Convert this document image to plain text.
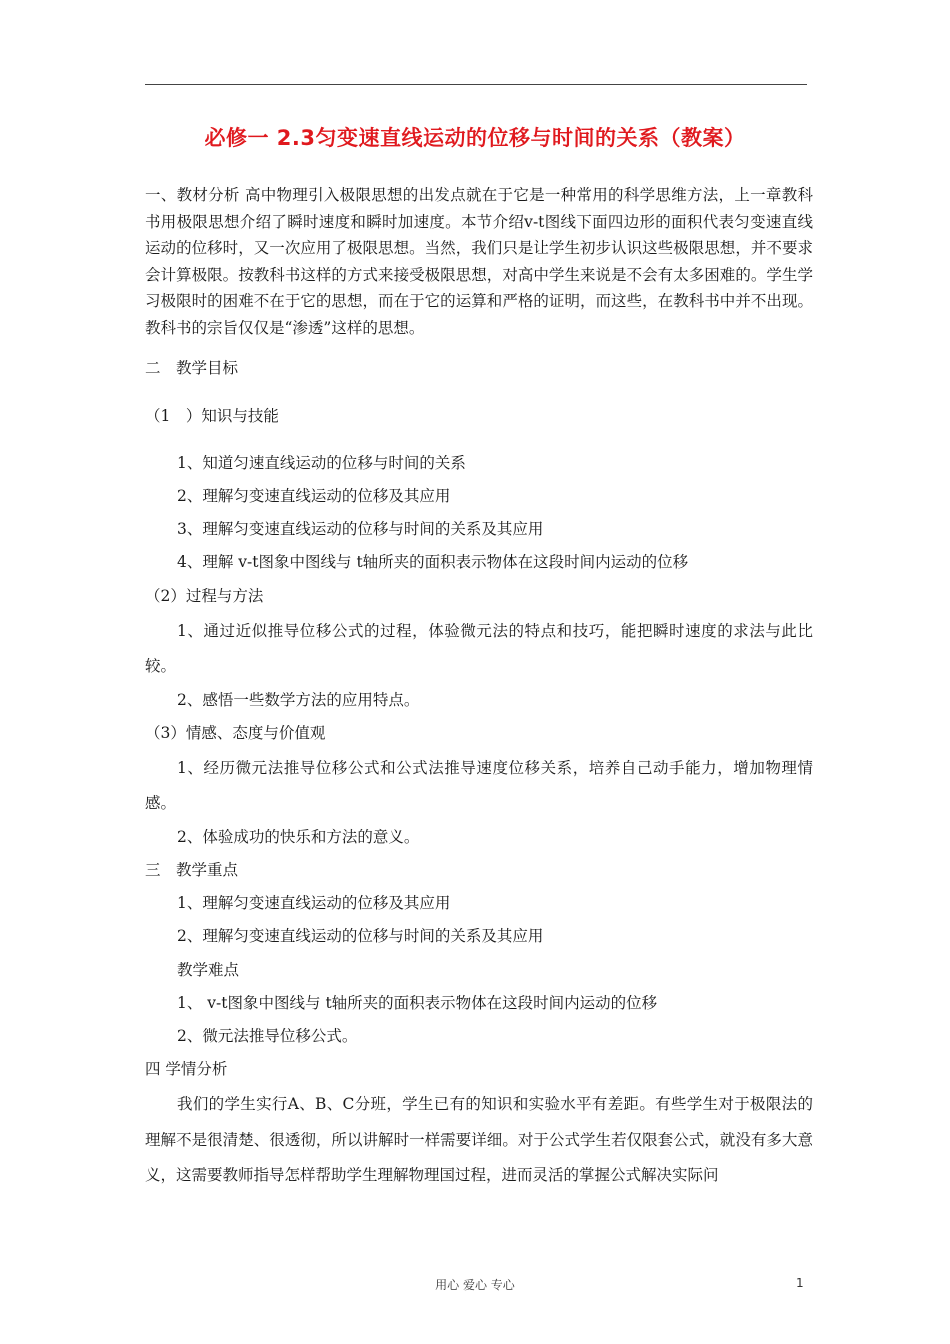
必修一 2.3匀变速直线运动的位移与时间的关系（教案）
一、教材分析 高中物理引入极限思想的出发点就在于它是一种常用的科学思维方法，上一章教科书用极限思想介绍了瞬时速度和瞬时加速度。本节介绍v-t图线下面四边形的面积代表匀变速直线运动的位移时，又一次应用了极限思想。当然，我们只是让学生初步认识这些极限思想，并不要求会计算极限。按教科书这样的方式来接受极限思想，对高中学生来说是不会有太多困难的。学生学习极限时的困难不在于它的思想，而在于它的运算和严格的证明，而这些，在教科书中并不出现。教科书的宗旨仅仅是“渗透”这样的思想。
二　教学目标
（1　）知识与技能
1、知道匀速直线运动的位移与时间的关系
2、理解匀变速直线运动的位移及其应用
3、理解匀变速直线运动的位移与时间的关系及其应用
4、理解 v-t图象中图线与 t轴所夹的面积表示物体在这段时间内运动的位移
（2）过程与方法
1、通过近似推导位移公式的过程，体验微元法的特点和技巧，能把瞬时速度的求法与此比较。
2、感悟一些数学方法的应用特点。
（3）情感、态度与价值观
1、经历微元法推导位移公式和公式法推导速度位移关系，培养自己动手能力，增加物理情感。
2、体验成功的快乐和方法的意义。
三　教学重点
1、理解匀变速直线运动的位移及其应用
2、理解匀变速直线运动的位移与时间的关系及其应用
教学难点
1、 v-t图象中图线与 t轴所夹的面积表示物体在这段时间内运动的位移
2、微元法推导位移公式。
四 学情分析
我们的学生实行A、B、C分班，学生已有的知识和实验水平有差距。有些学生对于极限法的理解不是很清楚、很透彻，所以讲解时一样需要详细。对于公式学生若仅限套公式，就没有多大意义，这需要教师指导怎样帮助学生理解物理国过程，进而灵活的掌握公式解决实际问
用心 爱心 专心	1
